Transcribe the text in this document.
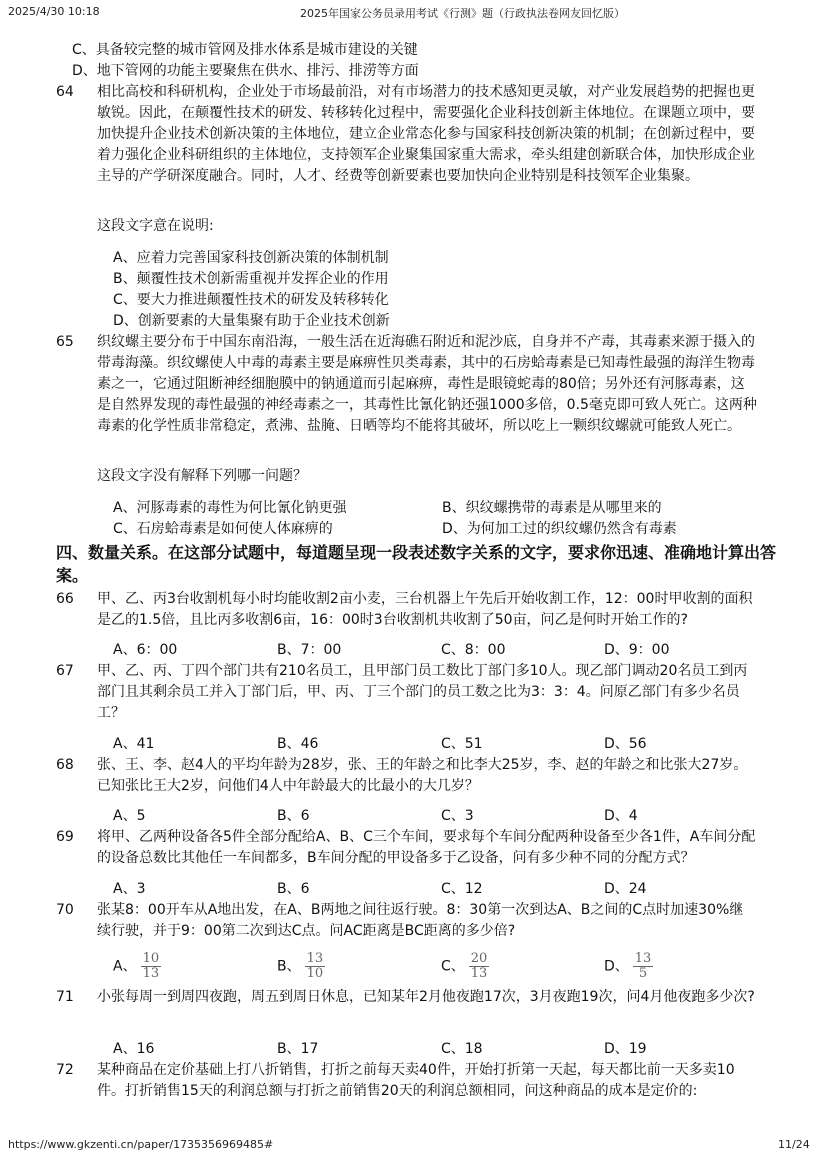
2025/4/30 10:18	2025年国家公务员录用考试《行测》题（行政执法卷网友回忆版）
C、具备较完整的城市管网及排水体系是城市建设的关键
D、地下管网的功能主要聚焦在供水、排污、排涝等方面
64 相比高校和科研机构，企业处于市场最前沿，对有市场潜力的技术感知更灵敏，对产业发展趋势的把握也更敏锐。因此，在颠覆性技术的研发、转移转化过程中，需要强化企业科技创新主体地位。在课题立项中，要加快提升企业技术创新决策的主体地位，建立企业常态化参与国家科技创新决策的机制；在创新过程中，要着力强化企业科研组织的主体地位，支持领军企业聚集国家重大需求，牵头组建创新联合体，加快形成企业主导的产学研深度融合。同时，人才、经费等创新要素也要加快向企业特别是科技领军企业集聚。
这段文字意在说明:
A、应着力完善国家科技创新决策的体制机制
B、颠覆性技术创新需重视并发挥企业的作用
C、要大力推进颠覆性技术的研发及转移转化
D、创新要素的大量集聚有助于企业技术创新
65 织纹螺主要分布于中国东南沿海，一般生活在近海礁石附近和泥沙底，自身并不产毒，其毒素来源于摄入的带毒海藻。织纹螺使人中毒的毒素主要是麻痹性贝类毒素，其中的石房蛤毒素是已知毒性最强的海洋生物毒素之一，它通过阻断神经细胞膜中的钠通道而引起麻痹，毒性是眼镜蛇毒的80倍；另外还有河豚毒素，这是自然界发现的毒性最强的神经毒素之一，其毒性比氰化钠还强1000多倍，0.5毫克即可致人死亡。这两种毒素的化学性质非常稳定，煮沸、盐腌、日晒等均不能将其破坏，所以吃上一颗织纹螺就可能致人死亡。
这段文字没有解释下列哪一问题？
A、河豚毒素的毒性为何比氰化钠更强	B、织纹螺携带的毒素是从哪里来的
C、石房蛤毒素是如何使人体麻痹的	D、为何加工过的织纹螺仍然含有毒素
四、数量关系。在这部分试题中，每道题呈现一段表述数字关系的文字，要求你迅速、准确地计算出答案。
66 甲、乙、丙3台收割机每小时均能收割2亩小麦，三台机器上午先后开始收割工作，12：00时甲收割的面积是乙的1.5倍，且比丙多收割6亩，16：00时3台收割机共收割了50亩，问乙是何时开始工作的?
A、6：00	B、7：00	C、8：00	D、9：00
67 甲、乙、丙、丁四个部门共有210名员工，且甲部门员工数比丁部门多10人。现乙部门调动20名员工到丙部门且其剩余员工并入丁部门后，甲、丙、丁三个部门的员工数之比为3：3：4。问原乙部门有多少名员工？
A、41	B、46	C、51	D、56
68 张、王、李、赵4人的平均年龄为28岁，张、王的年龄之和比李大25岁，李、赵的年龄之和比张大27岁。已知张比王大2岁，问他们4人中年龄最大的比最小的大几岁？
A、5	B、6	C、3	D、4
69 将甲、乙两种设备各5件全部分配给A、B、C三个车间，要求每个车间分配两种设备至少各1件，A车间分配的设备总数比其他任一车间都多，B车间分配的甲设备多于乙设备，问有多少种不同的分配方式？
A、3	B、6	C、12	D、24
70 张某8：00开车从A地出发，在A、B两地之间往返行驶。8：30第一次到达A、B之间的C点时加速30%继续行驶，并于9：00第二次到达C点。问AC距离是BC距离的多少倍?
A、 $\frac{10}{13}$	B、 $\frac{13}{10}$	C、 $\frac{20}{13}$	D、 $\frac{13}{5}$
71 小张每周一到周四夜跑，周五到周日休息，已知某年2月他夜跑17次，3月夜跑19次，问4月他夜跑多少次?
A、16	B、17	C、18	D、19
72 某种商品在定价基础上打八折销售，打折之前每天卖40件，开始打折第一天起，每天都比前一天多卖10件。打折销售15天的利润总额与打折之前销售20天的利润总额相同，问这种商品的成本是定价的:
https://www.gkzenti.cn/paper/1735356969485#	11/24
